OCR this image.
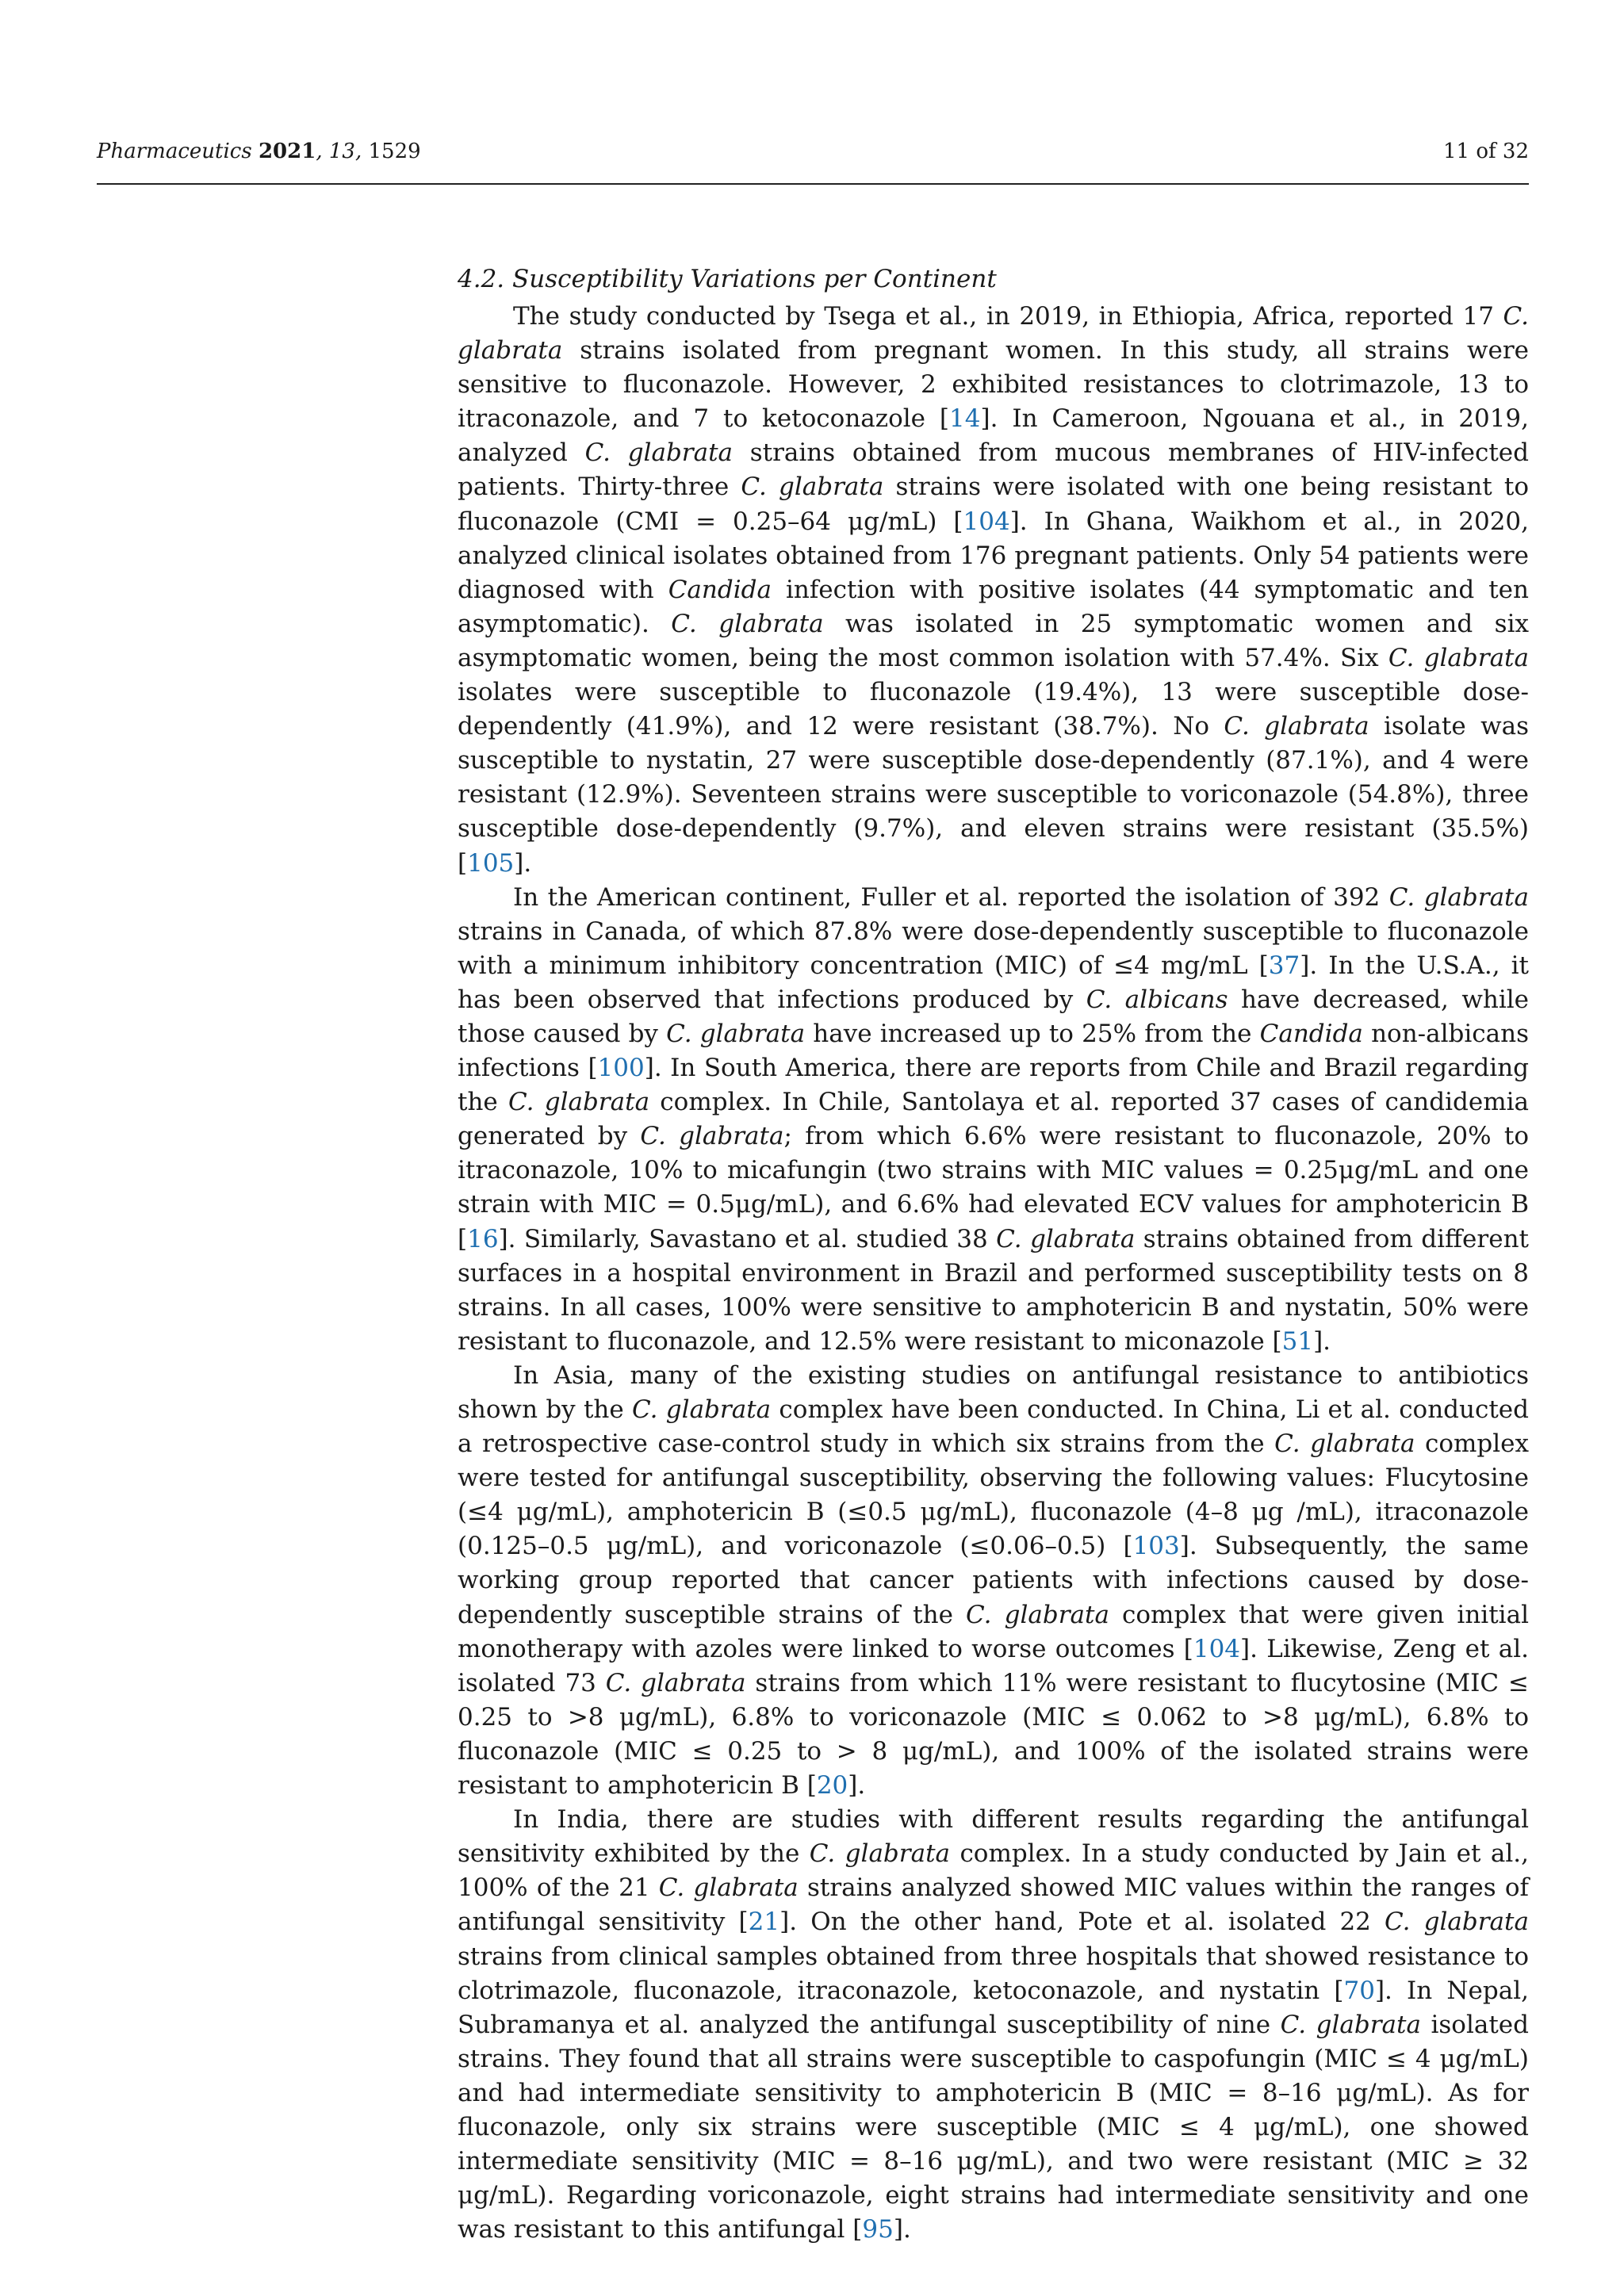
Pharmaceutics 2021, 13, 1529	11 of 32
4.2. Susceptibility Variations per Continent

The study conducted by Tsega et al., in 2019, in Ethiopia, Africa, reported 17 C. glabrata strains isolated from pregnant women. In this study, all strains were sensitive to fluconazole. However, 2 exhibited resistances to clotrimazole, 13 to itraconazole, and 7 to ketoconazole [14]. In Cameroon, Ngouana et al., in 2019, analyzed C. glabrata strains obtained from mucous membranes of HIV-infected patients. Thirty-three C. glabrata strains were isolated with one being resistant to fluconazole (CMI = 0.25–64 μg/mL) [104]. In Ghana, Waikhom et al., in 2020, analyzed clinical isolates obtained from 176 pregnant patients. Only 54 patients were diagnosed with Candida infection with positive isolates (44 symptomatic and ten asymptomatic). C. glabrata was isolated in 25 symptomatic women and six asymptomatic women, being the most common isolation with 57.4%. Six C. glabrata isolates were susceptible to fluconazole (19.4%), 13 were susceptible dose-dependently (41.9%), and 12 were resistant (38.7%). No C. glabrata isolate was susceptible to nystatin, 27 were susceptible dose-dependently (87.1%), and 4 were resistant (12.9%). Seventeen strains were susceptible to voriconazole (54.8%), three susceptible dose-dependently (9.7%), and eleven strains were resistant (35.5%) [105].

In the American continent, Fuller et al. reported the isolation of 392 C. glabrata strains in Canada, of which 87.8% were dose-dependently susceptible to fluconazole with a minimum inhibitory concentration (MIC) of ≤4 mg/mL [37]. In the U.S.A., it has been observed that infections produced by C. albicans have decreased, while those caused by C. glabrata have increased up to 25% from the Candida non-albicans infections [100]. In South America, there are reports from Chile and Brazil regarding the C. glabrata complex. In Chile, Santolaya et al. reported 37 cases of candidemia generated by C. glabrata; from which 6.6% were resistant to fluconazole, 20% to itraconazole, 10% to micafungin (two strains with MIC values = 0.25μg/mL and one strain with MIC = 0.5μg/mL), and 6.6% had elevated ECV values for amphotericin B [16]. Similarly, Savastano et al. studied 38 C. glabrata strains obtained from different surfaces in a hospital environment in Brazil and performed susceptibility tests on 8 strains. In all cases, 100% were sensitive to amphotericin B and nystatin, 50% were resistant to fluconazole, and 12.5% were resistant to miconazole [51].

In Asia, many of the existing studies on antifungal resistance to antibiotics shown by the C. glabrata complex have been conducted. In China, Li et al. conducted a retrospective case-control study in which six strains from the C. glabrata complex were tested for antifungal susceptibility, observing the following values: Flucytosine (≤4 μg/mL), amphotericin B (≤0.5 μg/mL), fluconazole (4–8 μg /mL), itraconazole (0.125–0.5 μg/mL), and voriconazole (≤0.06–0.5) [103]. Subsequently, the same working group reported that cancer patients with infections caused by dose-dependently susceptible strains of the C. glabrata complex that were given initial monotherapy with azoles were linked to worse outcomes [104]. Likewise, Zeng et al. isolated 73 C. glabrata strains from which 11% were resistant to flucytosine (MIC ≤ 0.25 to >8 μg/mL), 6.8% to voriconazole (MIC ≤ 0.062 to >8 μg/mL), 6.8% to fluconazole (MIC ≤ 0.25 to > 8 μg/mL), and 100% of the isolated strains were resistant to amphotericin B [20].

In India, there are studies with different results regarding the antifungal sensitivity exhibited by the C. glabrata complex. In a study conducted by Jain et al., 100% of the 21 C. glabrata strains analyzed showed MIC values within the ranges of antifungal sensitivity [21]. On the other hand, Pote et al. isolated 22 C. glabrata strains from clinical samples obtained from three hospitals that showed resistance to clotrimazole, fluconazole, itraconazole, ketoconazole, and nystatin [70]. In Nepal, Subramanya et al. analyzed the antifungal susceptibility of nine C. glabrata isolated strains. They found that all strains were susceptible to caspofungin (MIC ≤ 4 μg/mL) and had intermediate sensitivity to amphotericin B (MIC = 8–16 μg/mL). As for fluconazole, only six strains were susceptible (MIC ≤ 4 μg/mL), one showed intermediate sensitivity (MIC = 8–16 μg/mL), and two were resistant (MIC ≥ 32 μg/mL). Regarding voriconazole, eight strains had intermediate sensitivity and one was resistant to this antifungal [95].
